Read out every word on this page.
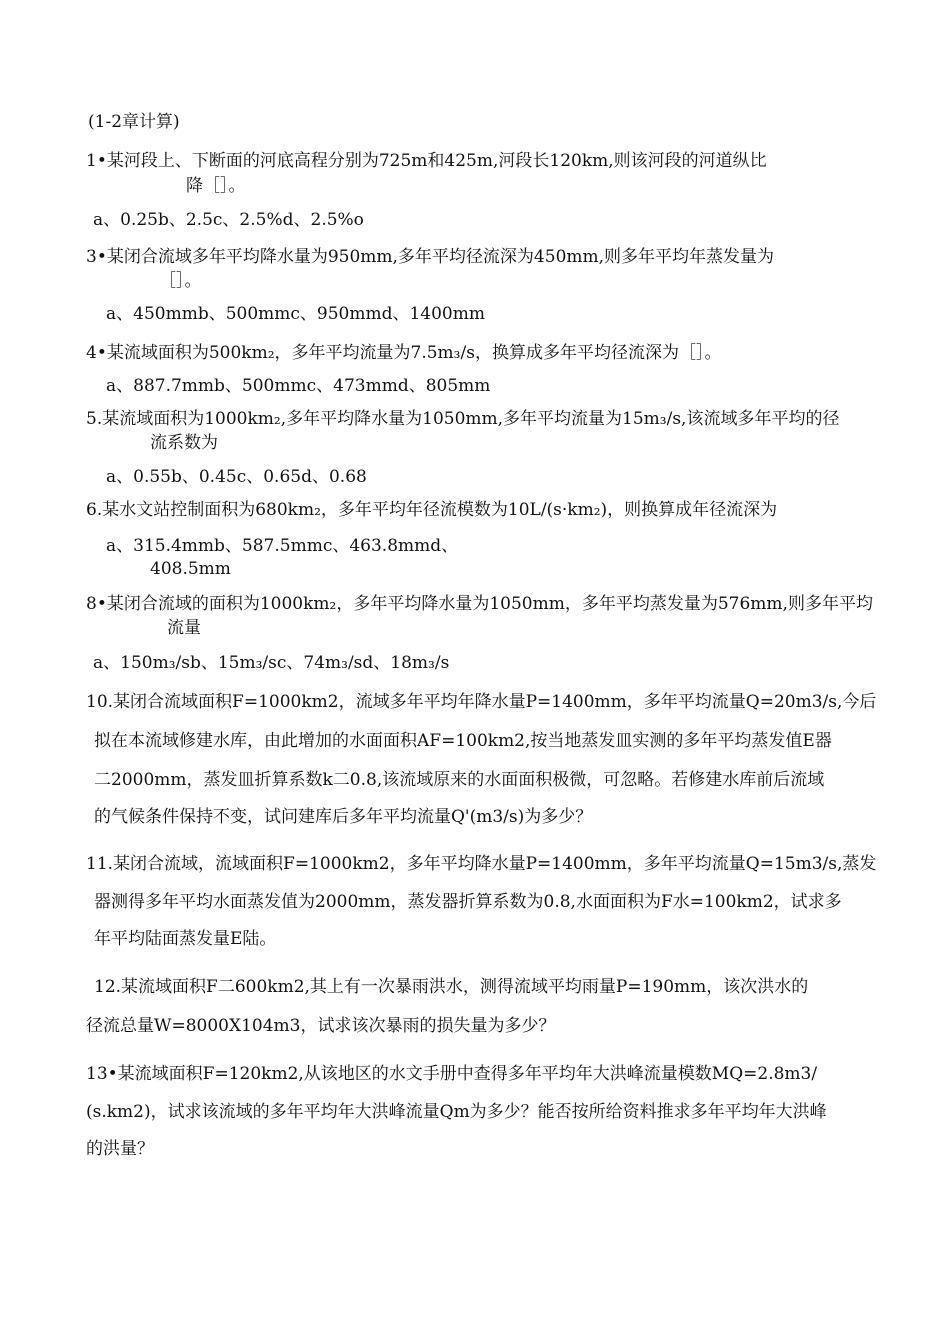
(1-2章计算)
1•某河段上、下断面的河底高程分别为725m和425m,河段长120km,则该河段的河道纵比
降［］。
a、0.25b、2.5c、2.5%d、2.5%o
3•某闭合流域多年平均降水量为950mm,多年平均径流深为450mm,则多年平均年蒸发量为
［］。
a、450mmb、500mmc、950mmd、1400mm
4•某流域面积为500km₂，多年平均流量为7.5m₃/s，换算成多年平均径流深为［］。
a、887.7mmb、500mmc、473mmd、805mm
5.某流域面积为1000km₂,多年平均降水量为1050mm,多年平均流量为15m₃/s,该流域多年平均的径
流系数为
a、0.55b、0.45c、0.65d、0.68
6.某水文站控制面积为680km₂，多年平均年径流模数为10L/(s·km₂)，则换算成年径流深为
a、315.4mmb、587.5mmc、463.8mmd、
408.5mm
8•某闭合流域的面积为1000km₂，多年平均降水量为1050mm，多年平均蒸发量为576mm,则多年平均
流量
a、150m₃/sb、15m₃/sc、74m₃/sd、18m₃/s
10.某闭合流域面积F=1000km2，流域多年平均年降水量P=1400mm，多年平均流量Q=20m3/s,今后
拟在本流域修建水库，由此增加的水面面积AF=100km2,按当地蒸发皿实测的多年平均蒸发值E器
二2000mm，蒸发皿折算系数k二0.8,该流域原来的水面面积极微，可忽略。若修建水库前后流域
的气候条件保持不变，试问建库后多年平均流量Q'(m3/s)为多少？
11.某闭合流域，流域面积F=1000km2，多年平均降水量P=1400mm，多年平均流量Q=15m3/s,蒸发
器测得多年平均水面蒸发值为2000mm，蒸发器折算系数为0.8,水面面积为F水=100km2，试求多
年平均陆面蒸发量E陆。
12.某流域面积F二600km2,其上有一次暴雨洪水，测得流域平均雨量P=190mm，该次洪水的
径流总量W=8000X104m3，试求该次暴雨的损失量为多少？
13•某流域面积F=120km2,从该地区的水文手册中查得多年平均年大洪峰流量模数MQ=2.8m3/
(s.km2)，试求该流域的多年平均年大洪峰流量Qm为多少？能否按所给资料推求多年平均年大洪峰
的洪量？
